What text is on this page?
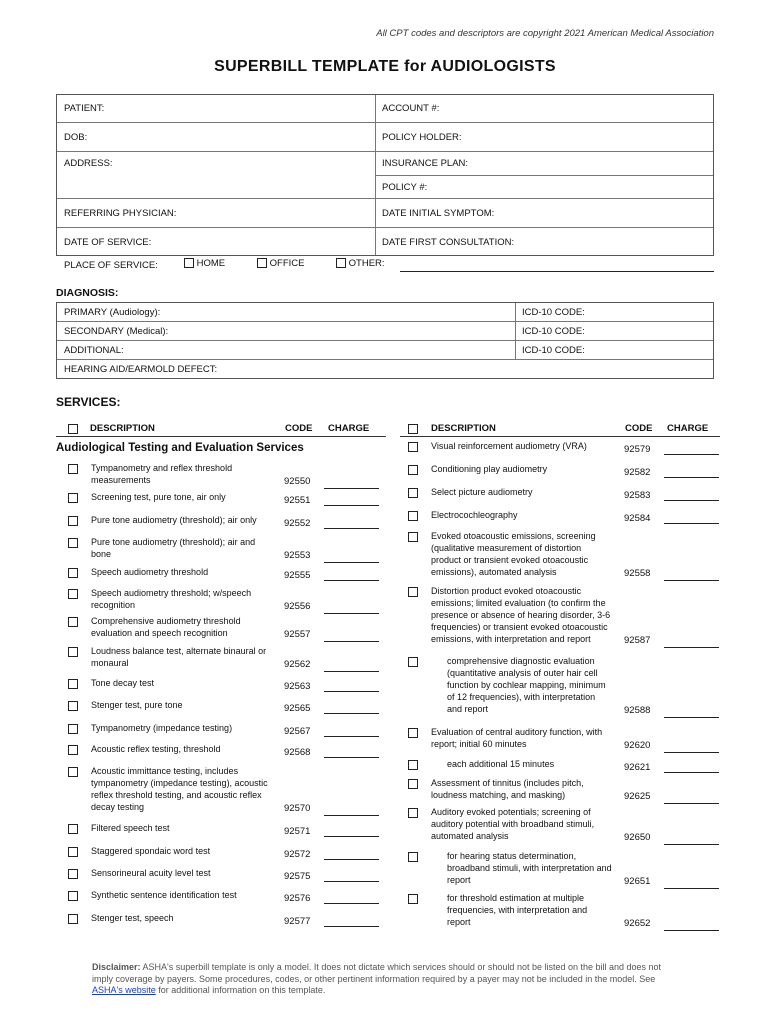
All CPT codes and descriptors are copyright 2021 American Medical Association
SUPERBILL TEMPLATE for AUDIOLOGISTS
PATIENT:	ACCOUNT #:
DOB:	POLICY HOLDER:
ADDRESS:	INSURANCE PLAN:
POLICY #:
REFERRING PHYSICIAN:	DATE INITIAL SYMPTOM:
DATE OF SERVICE:	DATE FIRST CONSULTATION:
PLACE OF SERVICE:	HOME	OFFICE	OTHER:
DIAGNOSIS:
PRIMARY (Audiology):	ICD-10 CODE:
SECONDARY (Medical):	ICD-10 CODE:
ADDITIONAL:	ICD-10 CODE:
HEARING AID/EARMOLD DEFECT:
SERVICES:
DESCRIPTION	CODE CHARGE
Audiological Testing and Evaluation Services
DESCRIPTION	CODE CHARGE
Tympanometry and reflex threshold
measurements	92550
Screening test, pure tone, air only	92551
Pure tone audiometry (threshold); air only	92552
Pure tone audiometry (threshold); air and
bone	92553
Speech audiometry threshold	92555
Speech audiometry threshold; w/speech
recognition	92556
Comprehensive audiometry threshold
evaluation and speech recognition	92557
Loudness balance test, alternate binaural or
monaural	92562
Tone decay test	92563
Stenger test, pure tone	92565
Tympanometry (impedance testing)	92567
Acoustic reflex testing, threshold	92568
Acoustic immittance testing, includes
tympanometry (impedance testing), acoustic
reflex threshold testing, and acoustic reflex
decay testing	92570
Filtered speech test	92571
Staggered spondaic word test	92572
Sensorineural acuity level test	92575
Synthetic sentence identification test	92576
Stenger test, speech	92577
Visual reinforcement audiometry (VRA)	92579
Conditioning play audiometry	92582
Select picture audiometry	92583
Electrocochleography	92584
Evoked otoacoustic emissions, screening
(qualitative measurement of distortion
product or transient evoked otoacoustic
emissions), automated analysis	92558
Distortion product evoked otoacoustic
emissions; limited evaluation (to confirm the
presence or absence of hearing disorder, 3-6
frequencies) or transient evoked otoacoustic
emissions, with interpretation and report	92587
comprehensive diagnostic evaluation
(quantitative analysis of outer hair cell
function by cochlear mapping, minimum
of 12 frequencies), with interpretation
and report	92588
Evaluation of central auditory function, with
report; initial 60 minutes	92620
each additional 15 minutes	92621
Assessment of tinnitus (includes pitch,
loudness matching, and masking)	92625
Auditory evoked potentials; screening of
auditory potential with broadband stimuli,
automated analysis	92650
for hearing status determination,
broadband stimuli, with interpretation and
report	92651
for threshold estimation at multiple
frequencies, with interpretation and
report	92652
Disclaimer: ASHA's superbill template is only a model. It does not dictate which services should or should not be listed on the bill and does not imply coverage by payers. Some procedures, codes, or other pertinent information required by a payer may not be included in the model. See ASHA's website for additional information on this template.
